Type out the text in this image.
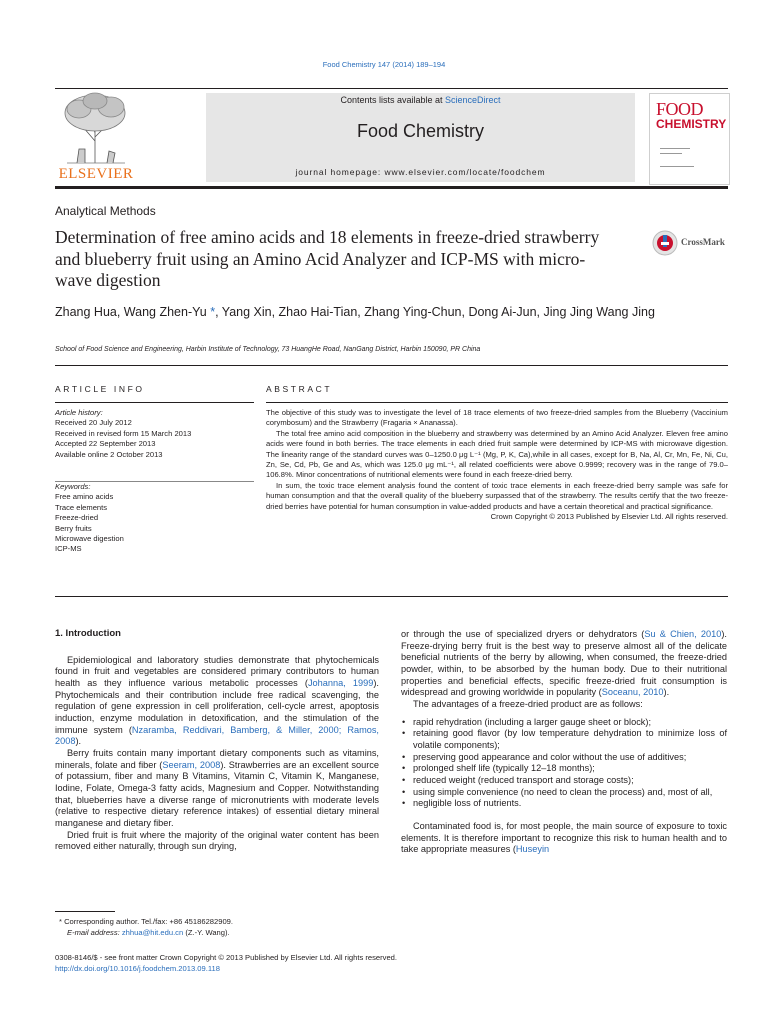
Food Chemistry 147 (2014) 189–194
ELSEVIER
Contents lists available at ScienceDirect
Food Chemistry
journal homepage: www.elsevier.com/locate/foodchem
FOOD
CHEMISTRY
Analytical Methods
Determination of free amino acids and 18 elements in freeze-dried strawberry and blueberry fruit using an Amino Acid Analyzer and ICP-MS with micro-wave digestion
CrossMark
Zhang Hua, Wang Zhen-Yu *, Yang Xin, Zhao Hai-Tian, Zhang Ying-Chun, Dong Ai-Jun, Jing Jing Wang Jing
School of Food Science and Engineering, Harbin Institute of Technology, 73 HuangHe Road, NanGang District, Harbin 150090, PR China
ARTICLE INFO	ABSTRACT
Article history:
Received 20 July 2012
Received in revised form 15 March 2013
Accepted 22 September 2013
Available online 2 October 2013
Keywords:
Free amino acids
Trace elements
Freeze-dried
Berry fruits
Microwave digestion
ICP-MS

The objective of this study was to investigate the level of 18 trace elements of two freeze-dried samples from the Blueberry (Vaccinium corymbosum) and the Strawberry (Fragaria × Ananassa).

The total free amino acid composition in the blueberry and strawberry was determined by an Amino Acid Analyzer. Eleven free amino acids were found in both berries. The trace elements in each dried fruit sample were determined by ICP-MS with microwave digestion. The linearity range of the standard curves was 0–1250.0 μg L⁻¹ (Mg, P, K, Ca),while in all cases, except for B, Na, Al, Cr, Mn, Fe, Ni, Cu, Zn, Se, Cd, Pb, Ge and As, which was 125.0 μg mL⁻¹, all related coefficients were above 0.9999; recovery was in the range of 79.0–106.8%. Minor concentrations of nutritional elements were found in each freeze-dried berry.

In sum, the toxic trace element analysis found the content of toxic trace elements in each freeze-dried berry sample was safe for human consumption and that the overall quality of the blueberry surpassed that of the strawberry. The results certify that the two freeze-dried berries have potential for human consumption in value-added products and have a certain theoretical and practical significance.

Crown Copyright © 2013 Published by Elsevier Ltd. All rights reserved.
1. Introduction

Epidemiological and laboratory studies demonstrate that phytochemicals found in fruit and vegetables are considered primary contributors to human health as they influence various metabolic processes (Johanna, 1999). Phytochemicals and their contribution include free radical scavenging, the regulation of gene expression in cell proliferation, cell-cycle arrest, apoptosis induction, enzyme modulation in detoxification, and the stimulation of the immune system (Nzaramba, Reddivari, Bamberg, & Miller, 2000; Ramos, 2008).

Berry fruits contain many important dietary components such as vitamins, minerals, folate and fiber (Seeram, 2008). Strawberries are an excellent source of potassium, fiber and many B Vitamins, Vitamin C, Vitamin K, Manganese, Iodine, Folate, Omega-3 fatty acids, Magnesium and Copper. Notwithstanding that, blueberries have a diverse range of micronutrients with moderate levels (relative to respective dietary reference intakes) of essential dietary mineral manganese and dietary fiber.

Dried fruit is fruit where the majority of the original water content has been removed either naturally, through sun drying,

or through the use of specialized dryers or dehydrators (Su & Chien, 2010). Freeze-drying berry fruit is the best way to preserve almost all of the delicate beneficial nutrients of the berry by allowing, when consumed, the freeze-dried powder, within, to be absorbed by the human body. Due to their nutritional properties and beneficial effects, specific freeze-dried fruit consumption is widespread and growing worldwide in popularity (Soceanu, 2010).

The advantages of a freeze-dried product are as follows:

• rapid rehydration (including a larger gauge sheet or block);
• retaining good flavor (by low temperature dehydration to minimize loss of volatile components);
• preserving good appearance and color without the use of additives;
• prolonged shelf life (typically 12–18 months);
• reduced weight (reduced transport and storage costs);
• using simple convenience (no need to clean the process) and, most of all,
• negligible loss of nutrients.

Contaminated food is, for most people, the main source of exposure to toxic elements. It is therefore important to recognize this risk to human health and to take appropriate measures (Huseyin

* Corresponding author. Tel./fax: +86 45186282909.
E-mail address: zhhua@hit.edu.cn (Z.-Y. Wang).
0308-8146/$ - see front matter Crown Copyright © 2013 Published by Elsevier Ltd. All rights reserved.
http://dx.doi.org/10.1016/j.foodchem.2013.09.118
